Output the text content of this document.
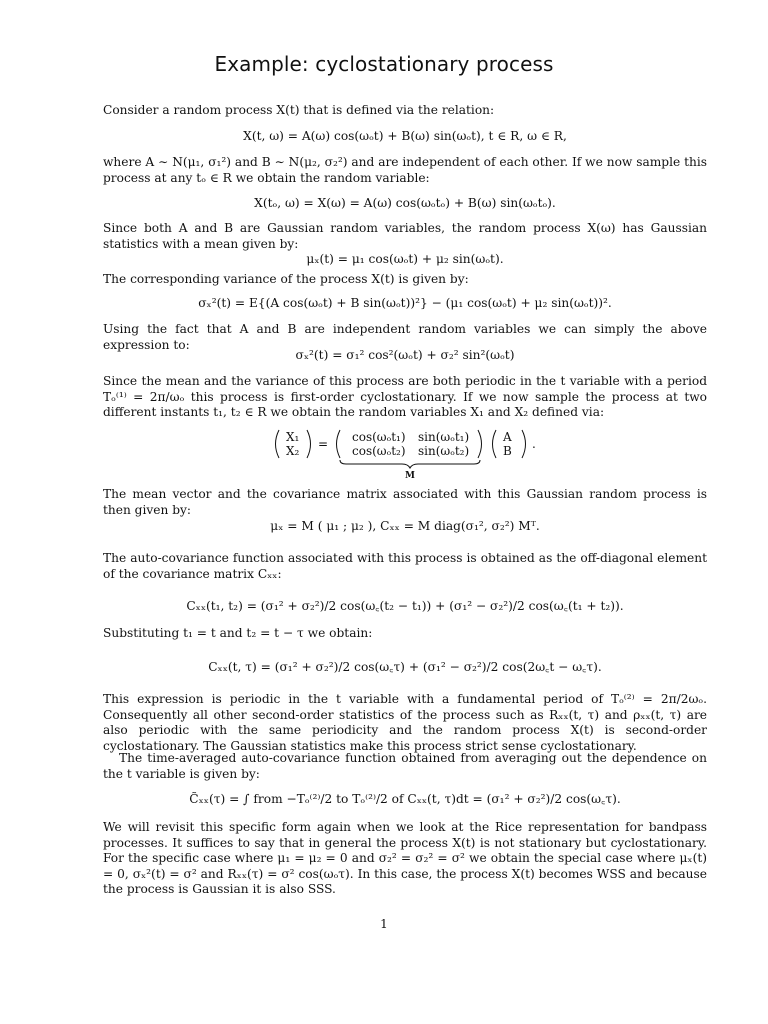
Example: cyclostationary process
Consider a random process X(t) that is defined via the relation:
X(t, ω) = A(ω) cos(ωₒt) + B(ω) sin(ωₒt), t ∈ R, ω ∈ R,
where A ∼ N(μ₁, σ₁²) and B ∼ N(μ₂, σ₂²) and are independent of each other. If we now sample this process at any tₒ ∈ R we obtain the random variable:
X(tₒ, ω) = X(ω) = A(ω) cos(ωₒtₒ) + B(ω) sin(ωₒtₒ).
Since both A and B are Gaussian random variables, the random process X(ω) has Gaussian statistics with a mean given by:
μₓ(t) = μ₁ cos(ωₒt) + μ₂ sin(ωₒt).
The corresponding variance of the process X(t) is given by:
σₓ²(t) = E{(A cos(ωₒt) + B sin(ωₒt))²} − (μ₁ cos(ωₒt) + μ₂ sin(ωₒt))².
Using the fact that A and B are independent random variables we can simply the above expression to:
σₓ²(t) = σ₁² cos²(ωₒt) + σ₂² sin²(ωₒt)
Since the mean and the variance of this process are both periodic in the t variable with a period Tₒ⁽¹⁾ = 2π/ωₒ this process is first-order cyclostationary. If we now sample the process at two different instants t₁, t₂ ∈ R we obtain the random variables X₁ and X₂ defined via:
X₁
X₂ = cos(ωₒt₁) sin(ωₒt₁)
cos(ωₒt₂) sin(ωₒt₂)
A
B .
M
The mean vector and the covariance matrix associated with this Gaussian random process is then given by:
μₓ = M ( μ₁ ; μ₂ ), Cₓₓ = M diag(σ₁², σ₂²) Mᵀ.
The auto-covariance function associated with this process is obtained as the off-diagonal element of the covariance matrix Cₓₓ:
Cₓₓ(t₁, t₂) = (σ₁² + σ₂²)/2 cos(ω꜀(t₂ − t₁)) + (σ₁² − σ₂²)/2 cos(ω꜀(t₁ + t₂)).
Substituting t₁ = t and t₂ = t − τ we obtain:
Cₓₓ(t, τ) = (σ₁² + σ₂²)/2 cos(ω꜀τ) + (σ₁² − σ₂²)/2 cos(2ω꜀t − ω꜀τ).
This expression is periodic in the t variable with a fundamental period of Tₒ⁽²⁾ = 2π/2ωₒ. Consequently all other second-order statistics of the process such as Rₓₓ(t, τ) and ρₓₓ(t, τ) are also periodic with the same periodicity and the random process X(t) is second-order cyclostationary. The Gaussian statistics make this process strict sense cyclostationary.
The time-averaged auto-covariance function obtained from averaging out the dependence on the t variable is given by:
C̃ₓₓ(τ) = ∫ from −Tₒ⁽²⁾/2 to Tₒ⁽²⁾/2 of Cₓₓ(t, τ)dt = (σ₁² + σ₂²)/2 cos(ω꜀τ).
We will revisit this specific form again when we look at the Rice representation for bandpass processes. It suffices to say that in general the process X(t) is not stationary but cyclostationary. For the specific case where μ₁ = μ₂ = 0 and σ₂² = σ₂² = σ² we obtain the special case where μₓ(t) = 0, σₓ²(t) = σ² and Rₓₓ(τ) = σ² cos(ωₒτ). In this case, the process X(t) becomes WSS and because the process is Gaussian it is also SSS.
1
